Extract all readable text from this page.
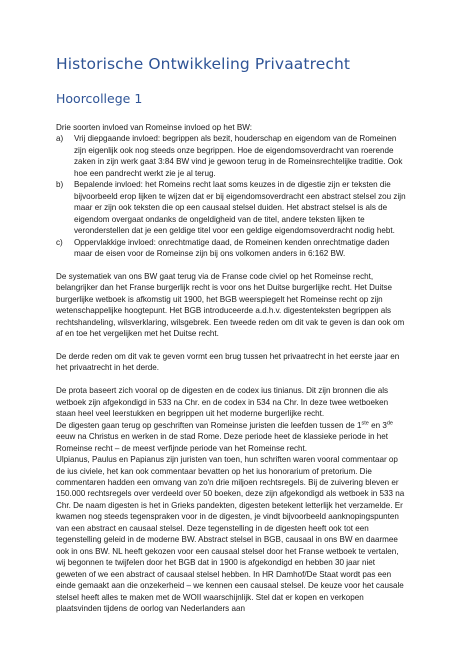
Historische Ontwikkeling Privaatrecht
Hoorcollege 1

Drie soorten invloed van Romeinse invloed op het BW:

a) Vrij diepgaande invloed: begrippen als bezit, houderschap en eigendom van de Romeinen zijn eigenlijk ook nog steeds onze begrippen. Hoe de eigendomsoverdracht van roerende zaken in zijn werk gaat 3:84 BW vind je gewoon terug in de Romeinsrechtelijke traditie. Ook hoe een pandrecht werkt zie je al terug.
b) Bepalende invloed: het Romeins recht laat soms keuzes in de digestie zijn er teksten die bijvoorbeeld erop lijken te wijzen dat er bij eigendomsoverdracht een abstract stelsel zou zijn maar er zijn ook teksten die op een causaal stelsel duiden. Het abstract stelsel is als de eigendom overgaat ondanks de ongeldigheid van de titel, andere teksten lijken te veronderstellen dat je een geldige titel voor een geldige eigendomsoverdracht nodig hebt.
c) Oppervlakkige invloed: onrechtmatige daad, de Romeinen kenden onrechtmatige daden maar de eisen voor de Romeinse zijn bij ons volkomen anders in 6:162 BW.

De systematiek van ons BW gaat terug via de Franse code civiel op het Romeinse recht, belangrijker dan het Franse burgerlijk recht is voor ons het Duitse burgerlijke recht. Het Duitse burgerlijke wetboek is afkomstig uit 1900, het BGB weerspiegelt het Romeinse recht op zijn wetenschappelijke hoogtepunt. Het BGB introduceerde a.d.h.v. digestenteksten begrippen als rechtshandeling, wilsverklaring, wilsgebrek. Een tweede reden om dit vak te geven is dan ook om af en toe het vergelijken met het Duitse recht.

De derde reden om dit vak te geven vormt een brug tussen het privaatrecht in het eerste jaar en het privaatrecht in het derde.

De prota baseert zich vooral op de digesten en de codex ius tinianus. Dit zijn bronnen die als wetboek zijn afgekondigd in 533 na Chr. en de codex in 534 na Chr. In deze twee wetboeken staan heel veel leerstukken en begrippen uit het moderne burgerlijke recht.

De digesten gaan terug op geschriften van Romeinse juristen die leefden tussen de 1ste en 3de eeuw na Christus en werken in de stad Rome. Deze periode heet de klassieke periode in het Romeinse recht – de meest verfijnde periode van het Romeinse recht.

Ulpianus, Paulus en Papianus zijn juristen van toen, hun schriften waren vooral commentaar op de ius civiele, het kan ook commentaar bevatten op het ius honorarium of pretorium. Die commentaren hadden een omvang van zo'n drie miljoen rechtsregels. Bij de zuivering bleven er 150.000 rechtsregels over verdeeld over 50 boeken, deze zijn afgekondigd als wetboek in 533 na Chr. De naam digesten is het in Grieks pandekten, digesten betekent letterlijk het verzamelde. Er kwamen nog steeds tegenspraken voor in de digesten, je vindt bijvoorbeeld aanknopingspunten van een abstract en causaal stelsel. Deze tegenstelling in de digesten heeft ook tot een tegenstelling geleid in de moderne BW. Abstract stelsel in BGB, causaal in ons BW en daarmee ook in ons BW. NL heeft gekozen voor een causaal stelsel door het Franse wetboek te vertalen, wij begonnen te twijfelen door het BGB dat in 1900 is afgekondigd en hebben 30 jaar niet geweten of we een abstract of causaal stelsel hebben. In HR Damhof/De Staat wordt pas een einde gemaakt aan die onzekerheid – we kennen een causaal stelsel. De keuze voor het causale stelsel heeft alles te maken met de WOII waarschijnlijk. Stel dat er kopen en verkopen plaatsvinden tijdens de oorlog van Nederlanders aan
